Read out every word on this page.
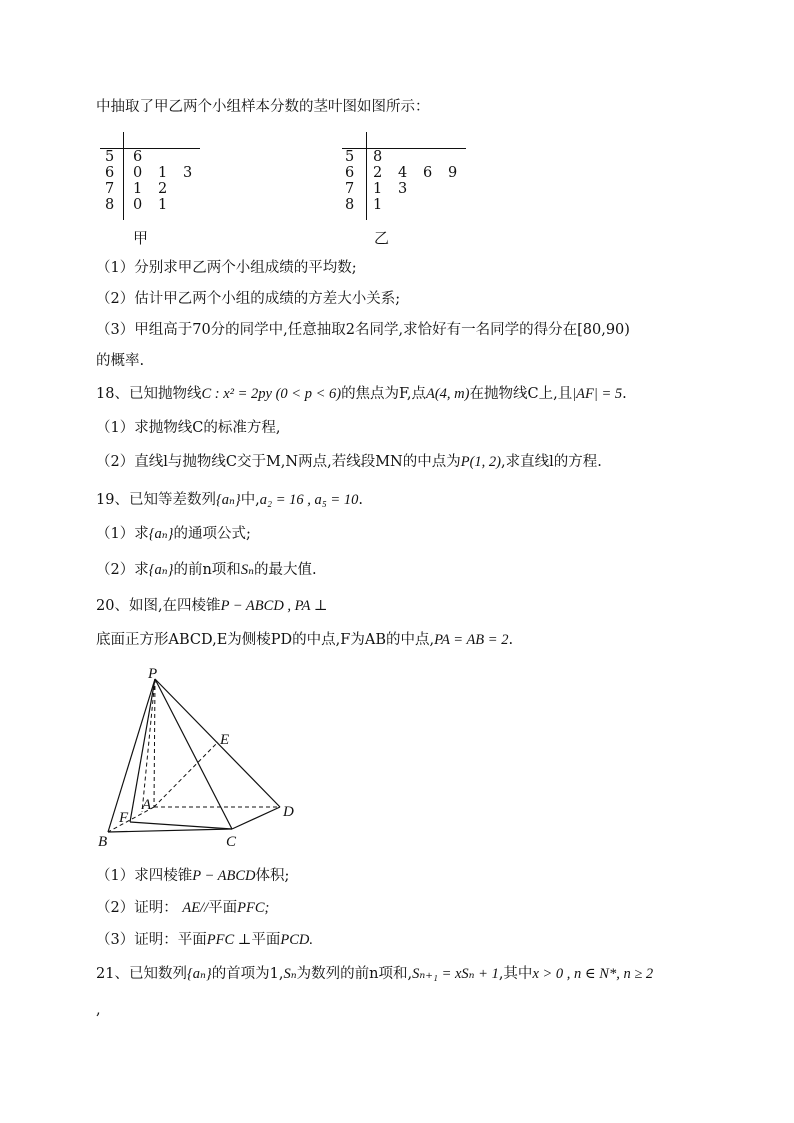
中抽取了甲乙两个小组样本分数的茎叶图如图所示：
5 6
6 0 1 3
7 1 2
8 0 1
甲
5 8
6 2 4 6 9
7 1 3
8 1
乙
（1）分别求甲乙两个小组成绩的平均数;
（2）估计甲乙两个小组的成绩的方差大小关系;
（3）甲组高于70分的同学中,任意抽取2名同学,求恰好有一名同学的得分在[80,90)
的概率.
18、已知抛物线C : x² = 2py (0 < p < 6)的焦点为F,点A(4, m)在抛物线C上,且|AF| = 5.
（1）求抛物线C的标准方程,
（2）直线l与抛物线C交于M,N两点,若线段MN的中点为P(1, 2),求直线l的方程.
19、已知等差数列{aₙ}中,a₂ = 16 , a₅ = 10.
（1）求{aₙ}的通项公式;
（2）求{aₙ}的前n项和Sₙ的最大值.
20、如图,在四棱锥P − ABCD , PA ⊥
底面正方形ABCD,E为侧棱PD的中点,F为AB的中点,PA = AB = 2.
P
E
A	D
F
B	C
（1）求四棱锥P − ABCD体积;
（2）证明： AE//平面PFC;
（3）证明：平面PFC ⊥平面PCD.
21、已知数列{aₙ}的首项为1,Sₙ为数列的前n项和,Sₙ₊₁ = xSₙ + 1,其中x > 0 , n ∈ N*, n ≥ 2
,
